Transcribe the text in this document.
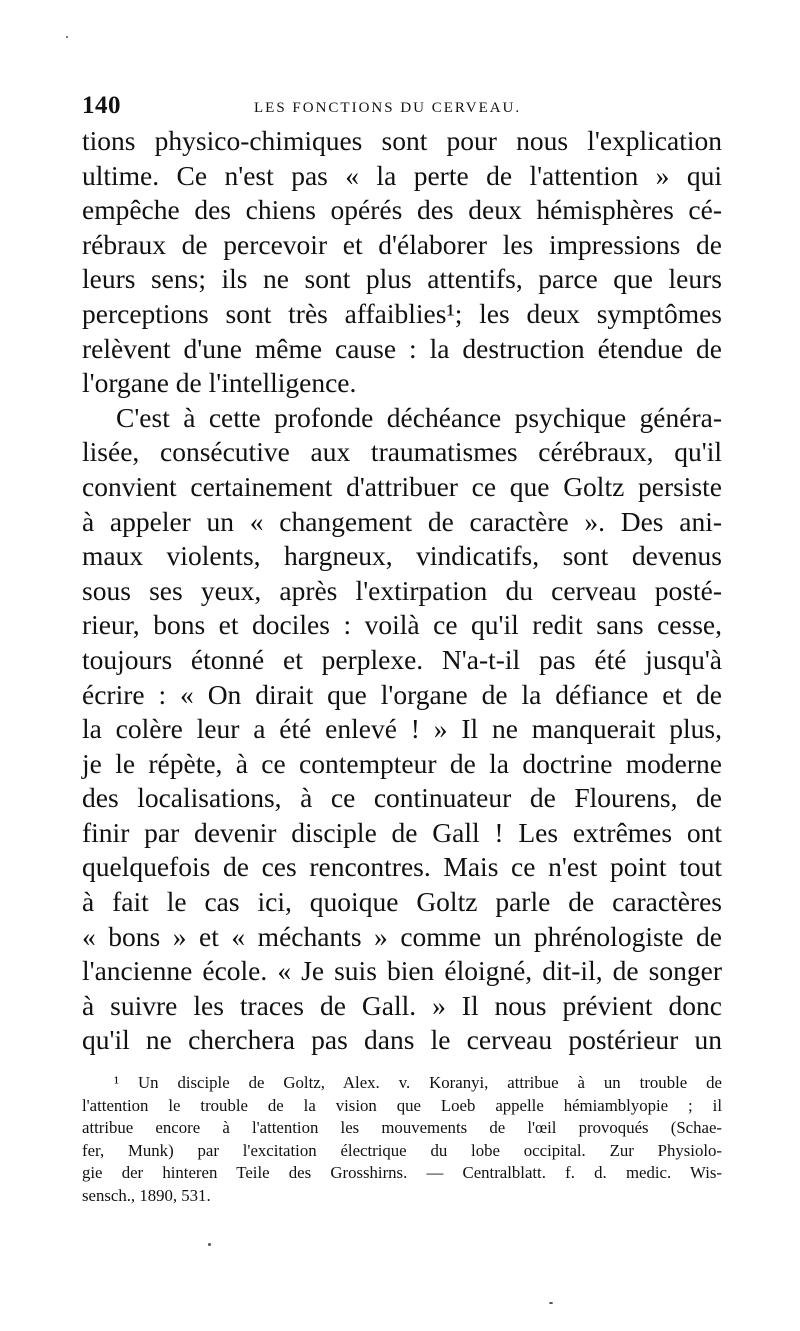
140	LES FONCTIONS DU CERVEAU.
tions physico-chimiques sont pour nous l'explication
ultime. Ce n'est pas « la perte de l'attention » qui
empêche des chiens opérés des deux hémisphères cé-
rébraux de percevoir et d'élaborer les impressions de
leurs sens; ils ne sont plus attentifs, parce que leurs
perceptions sont très affaiblies¹; les deux symptômes
relèvent d'une même cause : la destruction étendue de
l'organe de l'intelligence.
C'est à cette profonde déchéance psychique généra-
lisée, consécutive aux traumatismes cérébraux, qu'il
convient certainement d'attribuer ce que Goltz persiste
à appeler un « changement de caractère ». Des ani-
maux violents, hargneux, vindicatifs, sont devenus
sous ses yeux, après l'extirpation du cerveau posté-
rieur, bons et dociles : voilà ce qu'il redit sans cesse,
toujours étonné et perplexe. N'a-t-il pas été jusqu'à
écrire : « On dirait que l'organe de la défiance et de
la colère leur a été enlevé ! » Il ne manquerait plus,
je le répète, à ce contempteur de la doctrine moderne
des localisations, à ce continuateur de Flourens, de
finir par devenir disciple de Gall ! Les extrêmes ont
quelquefois de ces rencontres. Mais ce n'est point tout
à fait le cas ici, quoique Goltz parle de caractères
« bons » et « méchants » comme un phrénologiste de
l'ancienne école. « Je suis bien éloigné, dit-il, de songer
à suivre les traces de Gall. » Il nous prévient donc
qu'il ne cherchera pas dans le cerveau postérieur un
¹ Un disciple de Goltz, Alex. v. Koranyi, attribue à un trouble de
l'attention le trouble de la vision que Loeb appelle hémiamblyopie ; il
attribue encore à l'attention les mouvements de l'œil provoqués (Schae-
fer, Munk) par l'excitation électrique du lobe occipital. Zur Physiolo-
gie der hinteren Teile des Grosshirns. — Centralblatt. f. d. medic. Wis-
sensch., 1890, 531.
